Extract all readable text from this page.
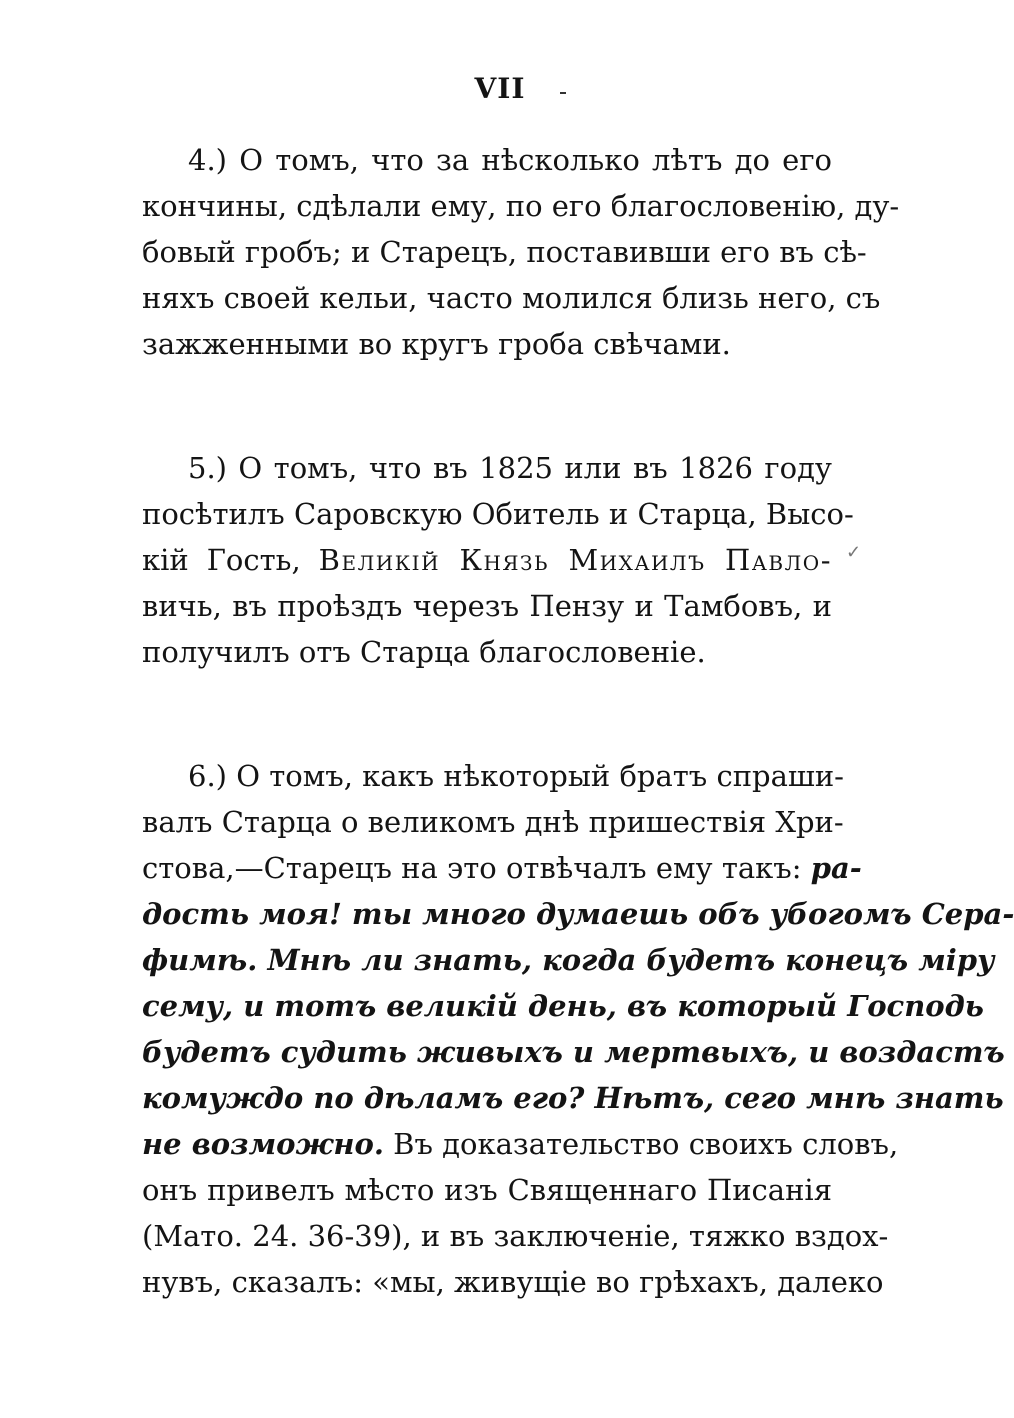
VII
✓
4.) О томъ, что за нѣсколько лѣтъ до его
кончины, сдѣлали ему, по его благословенію, ду-
бовый гробъ; и Старецъ, поставивши его въ сѣ-
няхъ своей кельи, часто молился близь него, съ
зажженными во кругъ гроба свѣчами.
5.) О томъ, что въ 1825 или въ 1826 году
посѣтилъ Саровскую Обитель и Старца, Высо-
кій Гость, Великій Князь Михаилъ Павло-
вичь, въ проѣздъ черезъ Пензу и Тамбовъ, и
получилъ отъ Старца благословеніе.
6.) О томъ, какъ нѣкоторый братъ спраши-
валъ Старца о великомъ днѣ пришествія Хри-
стова,—Старецъ на это отвѣчалъ ему такъ: ра-
дость моя! ты много думаешь объ убогомъ Сера-
фимѣ. Мнѣ ли знать, когда будетъ конецъ міру
сему, и тотъ великій день, въ который Господь
будетъ судить живыхъ и мертвыхъ, и воздастъ
комуждо по дѣламъ его? Нѣтъ, сего мнѣ знать
не возможно. Въ доказательство своихъ словъ,
онъ привелъ мѣсто изъ Священнаго Писанія
(Мато. 24. 36-39), и въ заключеніе, тяжко вздох-
нувъ, сказалъ: «мы, живущіе во грѣхахъ, далеко
